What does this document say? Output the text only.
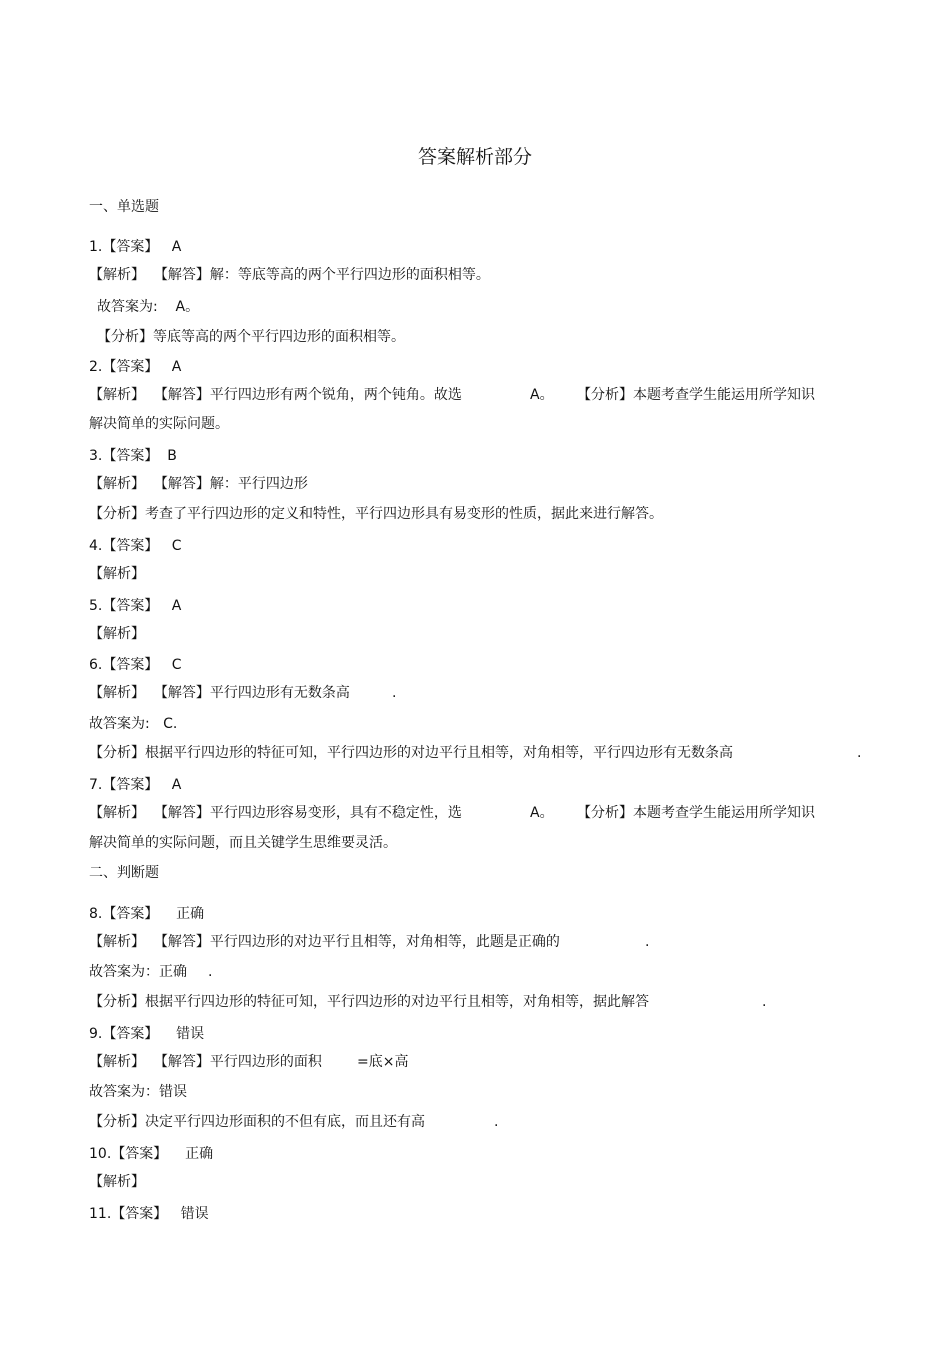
答案解析部分
一、单选题
1.【答案】   A
【解析】  【解答】解：等底等高的两个平行四边形的面积相等。
故答案为:    A。
【分析】等底等高的两个平行四边形的面积相等。
2.【答案】   A
【解析】  【解答】平行四边形有两个锐角，两个钝角。故选	A。 【分析】本题考查学生能运用所学知识
解决简单的实际问题。
3.【答案】  B
【解析】  【解答】解：平行四边形
【分析】考查了平行四边形的定义和特性，平行四边形具有易变形的性质，据此来进行解答。
4.【答案】   C
【解析】
5.【答案】   A
【解析】
6.【答案】   C
【解析】  【解答】平行四边形有无数条高	.
故答案为:   C.
【分析】根据平行四边形的特征可知，平行四边形的对边平行且相等，对角相等，平行四边形有无数条高	.
7.【答案】   A
【解析】  【解答】平行四边形容易变形，具有不稳定性，选	A。 【分析】本题考查学生能运用所学知识
解决简单的实际问题，而且关键学生思维要灵活。
二、判断题
8.【答案】    正确
【解析】  【解答】平行四边形的对边平行且相等，对角相等，此题是正确的	.
故答案为：正确 .
【分析】根据平行四边形的特征可知，平行四边形的对边平行且相等，对角相等，据此解答	.
9.【答案】    错误
【解析】  【解答】平行四边形的面积	=底×高
故答案为：错误
【分析】决定平行四边形面积的不但有底，而且还有高	.
10.【答案】    正确
【解析】
11.【答案】   错误
